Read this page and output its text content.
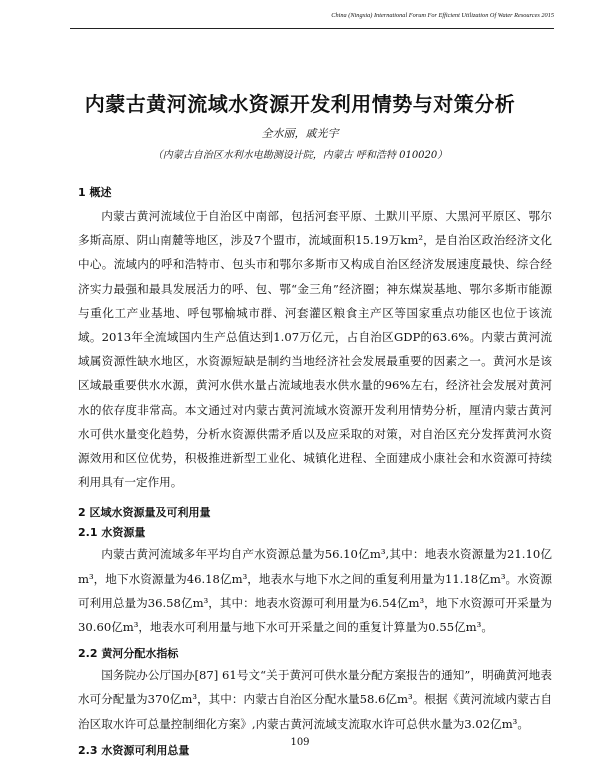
China (Ningxia) International Forum For Efficient Utilization Of Water Resources 2015
内蒙古黄河流域水资源开发利用情势与对策分析
全水丽，戚光宇
（内蒙古自治区水利水电勘测设计院，内蒙古 呼和浩特 010020）
1 概述

内蒙古黄河流域位于自治区中南部，包括河套平原、土默川平原、大黑河平原区、鄂尔多斯高原、阴山南麓等地区，涉及7个盟市，流域面积15.19万km²，是自治区政治经济文化中心。流域内的呼和浩特市、包头市和鄂尔多斯市又构成自治区经济发展速度最快、综合经济实力最强和最具发展活力的呼、包、鄂“金三角”经济圈；神东煤炭基地、鄂尔多斯市能源与重化工产业基地、呼包鄂榆城市群、河套灌区粮食主产区等国家重点功能区也位于该流域。2013年全流域国内生产总值达到1.07万亿元，占自治区GDP的63.6%。内蒙古黄河流域属资源性缺水地区，水资源短缺是制约当地经济社会发展最重要的因素之一。黄河水是该区域最重要供水水源，黄河水供水量占流域地表水供水量的96%左右，经济社会发展对黄河水的依存度非常高。本文通过对内蒙古黄河流域水资源开发利用情势分析，厘清内蒙古黄河水可供水量变化趋势，分析水资源供需矛盾以及应采取的对策，对自治区充分发挥黄河水资源效用和区位优势，积极推进新型工业化、城镇化进程、全面建成小康社会和水资源可持续利用具有一定作用。

2 区域水资源量及可利用量
2.1 水资源量

内蒙古黄河流域多年平均自产水资源总量为56.10亿m³,其中：地表水资源量为21.10亿m³，地下水资源量为46.18亿m³，地表水与地下水之间的重复利用量为11.18亿m³。水资源可利用总量为36.58亿m³，其中：地表水资源可利用量为6.54亿m³，地下水资源可开采量为30.60亿m³，地表水可利用量与地下水可开采量之间的重复计算量为0.55亿m³。

2.2 黄河分配水指标

国务院办公厅国办[87] 61号文“关于黄河可供水量分配方案报告的通知”，明确黄河地表水可分配量为370亿m³，其中：内蒙古自治区分配水量58.6亿m³。根据《黄河流域内蒙古自治区取水许可总量控制细化方案》,内蒙古黄河流域支流取水许可总供水量为3.02亿m³。

2.3 水资源可利用总量
109
